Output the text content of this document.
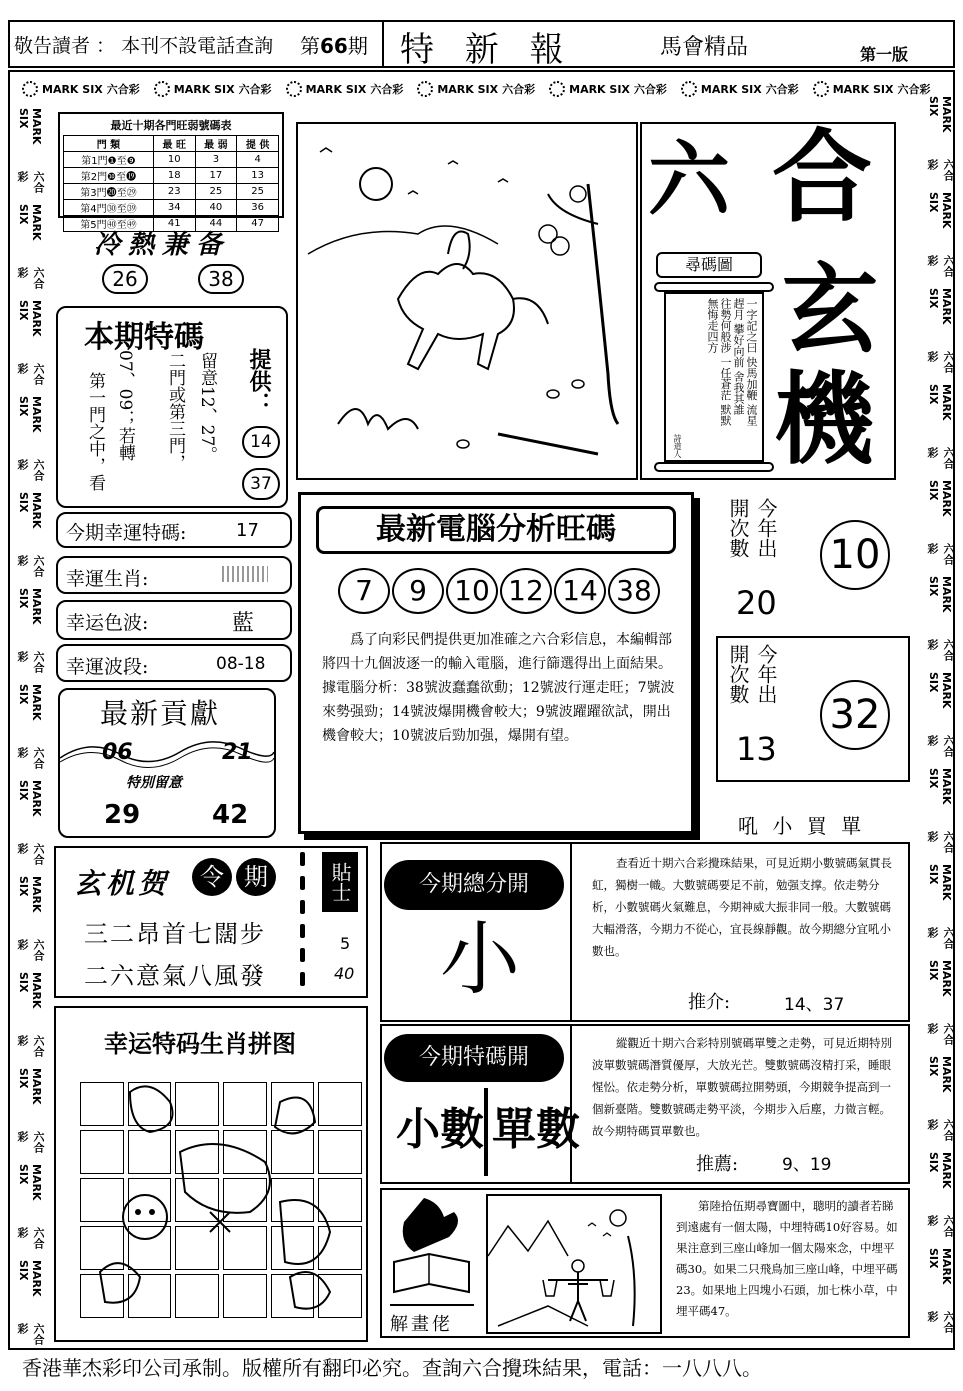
敬告讀者 ： 本刊不設電話查詢 第66期 特 新 報	馬會精品	第一版
MARK SIX 六合彩	MARK SIX 六合彩	MARK SIX 六合彩	MARK SIX 六合彩	MARK SIX 六合彩	MARK SIX 六合彩	MARK SIX 六合彩
MARK SIX
六合彩
MARK SIX
六合彩
MARK SIX
六合彩
MARK SIX
六合彩
MARK SIX
六合彩
MARK SIX
六合彩
MARK SIX
六合彩
MARK SIX
六合彩
MARK SIX
六合彩
MARK SIX
六合彩
MARK SIX
六合彩
MARK SIX
六合彩
MARK SIX
六合彩
MARK SIX
六合彩
MARK SIX
六合彩
MARK SIX
六合彩
MARK SIX
六合彩
MARK SIX
六合彩
MARK SIX
六合彩
MARK SIX
六合彩
MARK SIX
六合彩
MARK SIX
六合彩
MARK SIX
六合彩
MARK SIX
六合彩
MARK SIX
六合彩
MARK SIX
六合彩
最近十期各門旺弱號碼表
門 類	最 旺	最 弱	提 供
第1門❶至❾	10	3	4
第2門❿至⓳	18	17	13
第3門⓴至㉙	23	25	25
第4門㉚至㊴	34	40	36
第5門㊵至㊾	41	44	47
冷熱兼备
26	38
本期特碼
第一門之中，看 07、09；若轉 二門或第三門， 留意12、27。 提供：
14
37
今期幸運特碼:	17
幸運生肖:
幸运色波:	藍
幸運波段:	08-18
最新貢獻
06	21
特別留意
29	42
玄机贺	令 期
三二昂首七闊步
二六意氣八風發
貼士
5
40
幸运特码生肖拼图
六 合
玄
機
尋碼圖
一字記之曰 快馬加鞭 流星趕月 攀好向前 舍我其誰 往勢何般涉 一任蒼茫 默默無悔走四方
詩道人
最新電腦分析旺碼
7	9 10 12 14 38
爲了向彩民們提供更加准確之六合彩信息，本編輯部將四十九個波逐一的輸入電腦，進行篩選得出上面結果。據電腦分析：38號波蠢蠢欲動；12號波行運走旺；7號波來勢强勁；14號波爆開機會較大；9號波躍躍欲試，開出機會較大；10號波后勁加强，爆開有望。
今年出開次數
20
10
今年出開次數
13
32
吼 小 買 單
今期總分開
小
查看近十期六合彩攪珠結果，可見近期小數號碼氣貫長虹，獨樹一幟。大數號碼要足不前，勉强支撑。依走勢分析，小數號碼火氣難息，今期神威大振非同一般。大數號碼大輻滑落，今期力不從心，宜長線靜觀。故今期總分宜吼小數也。
推介:	14、37
今期特碼開
小數 單數
縱觀近十期六合彩特別號碼單雙之走勢，可見近期特別波單數號碼潛質優厚，大放光芒。雙數號碼沒精打采，睡眼惺忪。依走勢分析，單數號碼拉開勢頭，今期競争提高到一個新臺階。雙數號碼走勢平淡，今期步入后塵，力微言輕。故今期特碼買單數也。
推薦:	9、19
解畫佬
第陸拾伍期尋寶圖中，聰明的讀者若睇到遠處有一個太陽，中埋特碼10好容易。如果注意到三座山峰加一個太陽來念，中埋平碼30。如果二只飛鳥加三座山峰，中埋平碼23。如果地上四塊小石頭，加七株小草，中埋平碼47。
香港華杰彩印公司承制。版權所有翻印必究。查詢六合攪珠結果，電話：一八八八。
